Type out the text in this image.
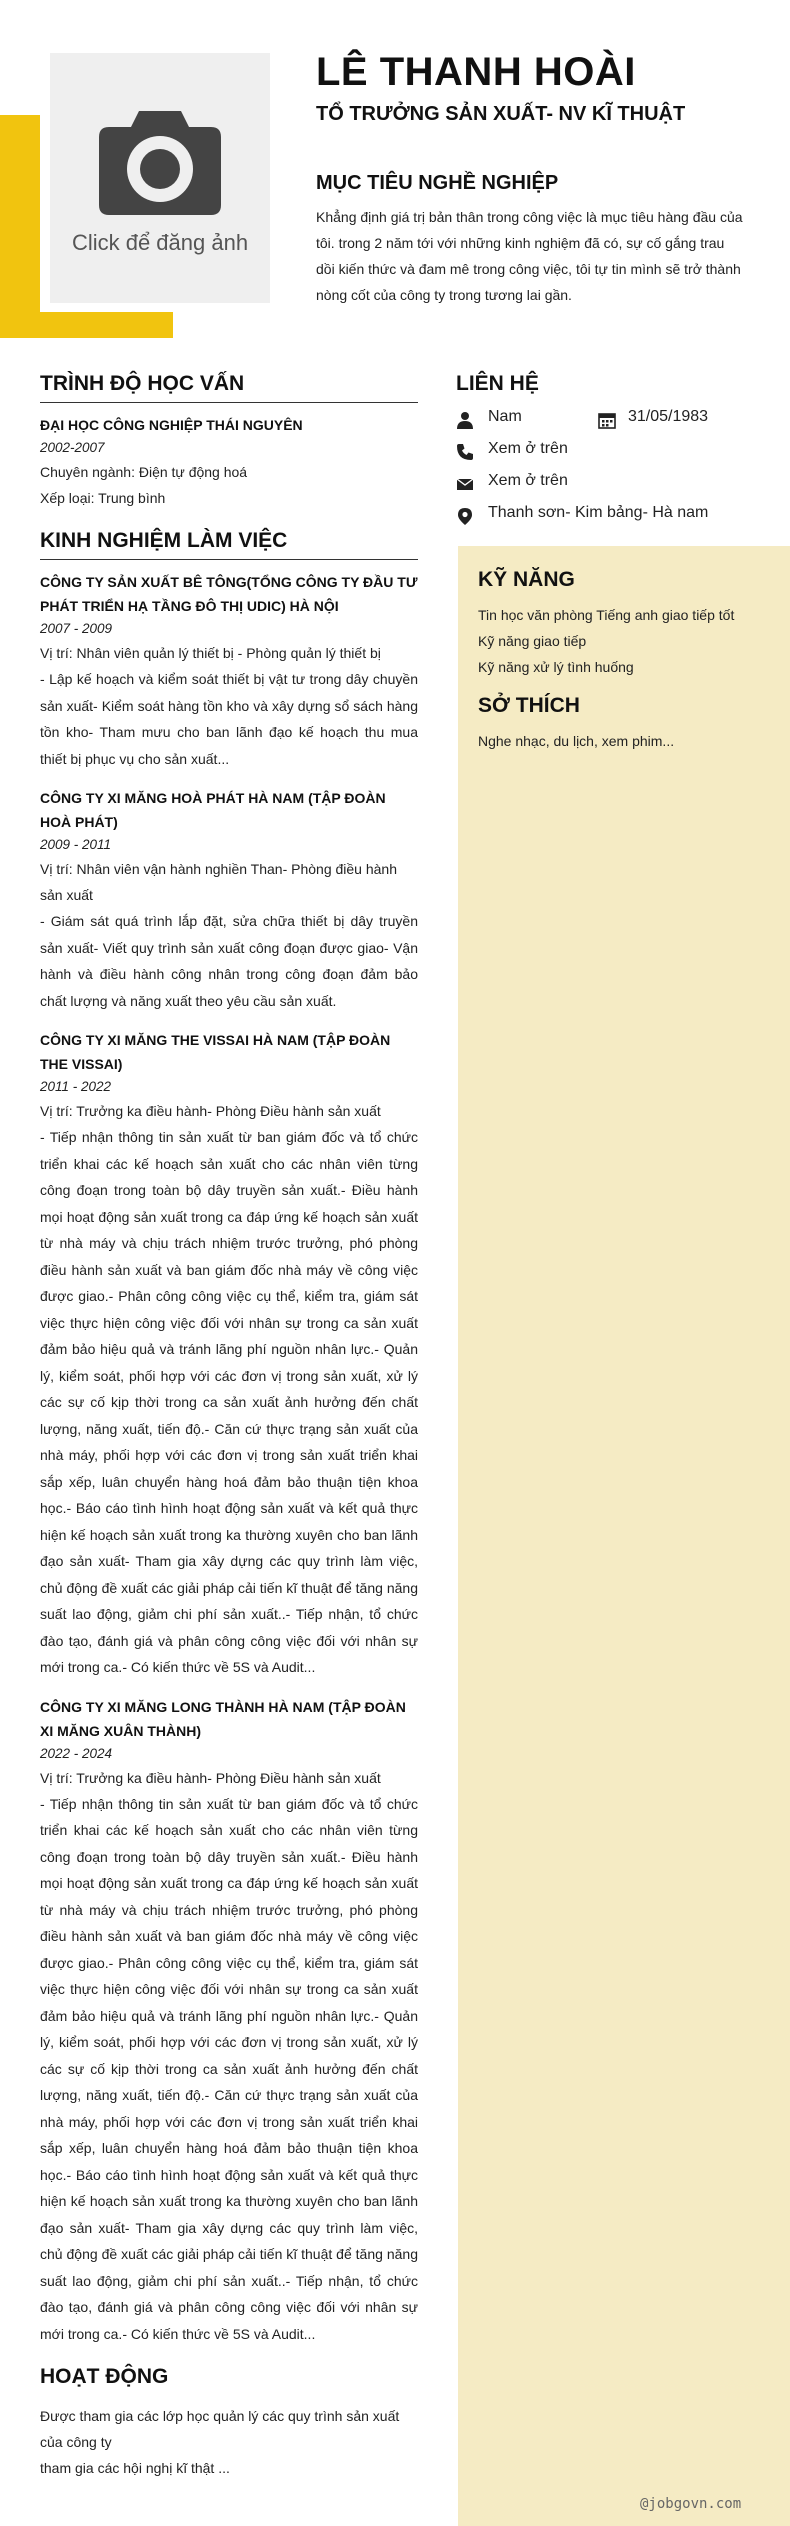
Click để đăng ảnh
LÊ THANH HOÀI
TỔ TRƯỞNG SẢN XUẤT- NV KĨ THUẬT
MỤC TIÊU NGHỀ NGHIỆP
Khẳng định giá trị bản thân trong công việc là mục tiêu hàng đầu của tôi. trong 2 năm tới với những kinh nghiệm đã có, sự cố gắng trau dồi kiến thức và đam mê trong công việc, tôi tự tin mình sẽ trở thành nòng cốt của công ty trong tương lai gần.
TRÌNH ĐỘ HỌC VẤN
ĐẠI HỌC CÔNG NGHIỆP THÁI NGUYÊN
2002-2007
Chuyên ngành: Điện tự động hoá
Xếp loại: Trung bình
KINH NGHIỆM LÀM VIỆC
CÔNG TY SẢN XUẤT BÊ TÔNG(TỔNG CÔNG TY ĐẦU TƯ PHÁT TRIỂN HẠ TẦNG ĐÔ THỊ UDIC) HÀ NỘI
2007 - 2009
Vị trí: Nhân viên quản lý thiết bị - Phòng quản lý thiết bị
- Lập kế hoạch và kiểm soát thiết bị vật tư trong dây chuyền sản xuất- Kiểm soát hàng tồn kho và xây dựng sổ sách hàng tồn kho- Tham mưu cho ban lãnh đạo kế hoạch thu mua thiết bị phục vụ cho sản xuất...
CÔNG TY XI MĂNG HOÀ PHÁT HÀ NAM (TẬP ĐOÀN HOÀ PHÁT)
2009 - 2011
Vị trí: Nhân viên vận hành nghiền Than- Phòng điều hành sản xuất
- Giám sát quá trình lắp đặt, sửa chữa thiết bị dây truyền sản xuất- Viết quy trình sản xuất công đoạn được giao- Vận hành và điều hành công nhân trong công đoạn đảm bảo chất lượng và năng xuất theo yêu cầu sản xuất.
CÔNG TY XI MĂNG THE VISSAI HÀ NAM (TẬP ĐOÀN THE VISSAI)
2011 - 2022
Vị trí: Trưởng ka điều hành- Phòng Điều hành sản xuất
- Tiếp nhận thông tin sản xuất từ ban giám đốc và tổ chức triển khai các kế hoạch sản xuất cho các nhân viên từng công đoạn trong toàn bộ dây truyền sản xuất.- Điều hành mọi hoạt động sản xuất trong ca đáp ứng kế hoạch sản xuất từ nhà máy và chịu trách nhiệm trước trưởng, phó phòng điều hành sản xuất và ban giám đốc nhà máy về công việc được giao.- Phân công công việc cụ thể, kiểm tra, giám sát việc thực hiện công việc đối với nhân sự trong ca sản xuất đảm bảo hiệu quả và tránh lãng phí nguồn nhân lực.- Quản lý, kiểm soát, phối hợp với các đơn vị trong sản xuất, xử lý các sự cố kịp thời trong ca sản xuất ảnh hưởng đến chất lượng, năng xuất, tiến độ.- Căn cứ thực trạng sản xuất của nhà máy, phối hợp với các đơn vị trong sản xuất triển khai sắp xếp, luân chuyển hàng hoá đảm bảo thuận tiện khoa học.- Báo cáo tình hình hoạt động sản xuất và kết quả thực hiện kế hoạch sản xuất trong ka thường xuyên cho ban lãnh đạo sản xuất- Tham gia xây dựng các quy trình làm việc, chủ động đề xuất các giải pháp cải tiến kĩ thuật để tăng năng suất lao động, giảm chi phí sản xuất..- Tiếp nhận, tổ chức đào tạo, đánh giá và phân công công việc đối với nhân sự mới trong ca.- Có kiến thức về 5S và Audit...
CÔNG TY XI MĂNG LONG THÀNH HÀ NAM (TẬP ĐOÀN XI MĂNG XUÂN THÀNH)
2022 - 2024
Vị trí: Trưởng ka điều hành- Phòng Điều hành sản xuất
- Tiếp nhận thông tin sản xuất từ ban giám đốc và tổ chức triển khai các kế hoạch sản xuất cho các nhân viên từng công đoạn trong toàn bộ dây truyền sản xuất.- Điều hành mọi hoạt động sản xuất trong ca đáp ứng kế hoạch sản xuất từ nhà máy và chịu trách nhiệm trước trưởng, phó phòng điều hành sản xuất và ban giám đốc nhà máy về công việc được giao.- Phân công công việc cụ thể, kiểm tra, giám sát việc thực hiện công việc đối với nhân sự trong ca sản xuất đảm bảo hiệu quả và tránh lãng phí nguồn nhân lực.- Quản lý, kiểm soát, phối hợp với các đơn vị trong sản xuất, xử lý các sự cố kịp thời trong ca sản xuất ảnh hưởng đến chất lượng, năng xuất, tiến độ.- Căn cứ thực trạng sản xuất của nhà máy, phối hợp với các đơn vị trong sản xuất triển khai sắp xếp, luân chuyển hàng hoá đảm bảo thuận tiện khoa học.- Báo cáo tình hình hoạt động sản xuất và kết quả thực hiện kế hoạch sản xuất trong ka thường xuyên cho ban lãnh đạo sản xuất- Tham gia xây dựng các quy trình làm việc, chủ động đề xuất các giải pháp cải tiến kĩ thuật để tăng năng suất lao động, giảm chi phí sản xuất..- Tiếp nhận, tổ chức đào tạo, đánh giá và phân công công việc đối với nhân sự mới trong ca.- Có kiến thức về 5S và Audit...
HOẠT ĐỘNG
Được tham gia các lớp học quản lý các quy trình sản xuất của công ty
tham gia các hội nghị kĩ thật ...
LIÊN HỆ
Nam	31/05/1983
Xem ở trên
Xem ở trên
Thanh sơn- Kim bảng- Hà nam
KỸ NĂNG
Tin học văn phòng Tiếng anh giao tiếp tốt
Kỹ năng giao tiếp
Kỹ năng xử lý tình huống
SỞ THÍCH
Nghe nhạc, du lịch, xem phim...
@jobgovn.com
